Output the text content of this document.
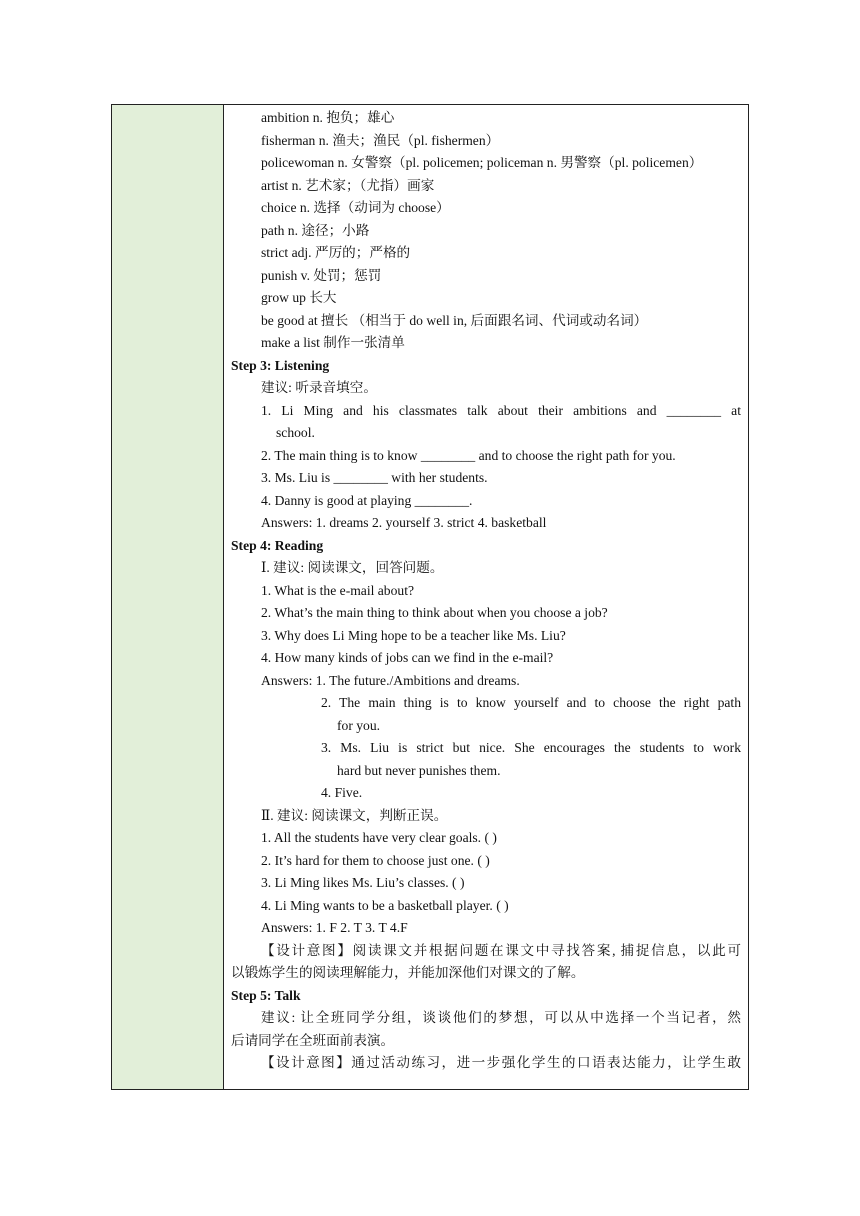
ambition n. 抱负；雄心
fisherman n. 渔夫；渔民（pl. fishermen）
policewoman n. 女警察（pl. policemen; policeman n. 男警察（pl. policemen）
artist n. 艺术家；（尤指）画家
choice n. 选择（动词为 choose）
path n. 途径；小路
strict adj. 严厉的；严格的
punish v. 处罚；惩罚
grow up 长大
be good at 擅长 （相当于 do well in, 后面跟名词、代词或动名词）
make a list 制作一张清单
Step 3: Listening
建议: 听录音填空。
1. Li Ming and his classmates talk about their ambitions and ________ at
school.
2. The main thing is to know ________ and to choose the right path for you.
3. Ms. Liu is ________ with her students.
4. Danny is good at playing ________.
Answers: 1. dreams 2. yourself 3. strict 4. basketball
Step 4: Reading
Ⅰ. 建议: 阅读课文，回答问题。
1. What is the e-mail about?
2. What’s the main thing to think about when you choose a job?
3. Why does Li Ming hope to be a teacher like Ms. Liu?
4. How many kinds of jobs can we find in the e-mail?
Answers: 1. The future./Ambitions and dreams.
2. The main thing is to know yourself and to choose the right path
for you.
3. Ms. Liu is strict but nice. She encourages the students to work
hard but never punishes them.
4. Five.
Ⅱ. 建议: 阅读课文，判断正误。
1. All the students have very clear goals. ( )
2. It’s hard for them to choose just one. ( )
3. Li Ming likes Ms. Liu’s classes. ( )
4. Li Ming wants to be a basketball player. ( )
Answers: 1. F 2. T 3. T 4.F
【设计意图】阅读课文并根据问题在课文中寻找答案, 捕捉信息，以此可
以锻炼学生的阅读理解能力，并能加深他们对课文的了解。
Step 5: Talk
建议: 让全班同学分组，谈谈他们的梦想，可以从中选择一个当记者，然
后请同学在全班面前表演。
【设计意图】通过活动练习，进一步强化学生的口语表达能力，让学生敢
